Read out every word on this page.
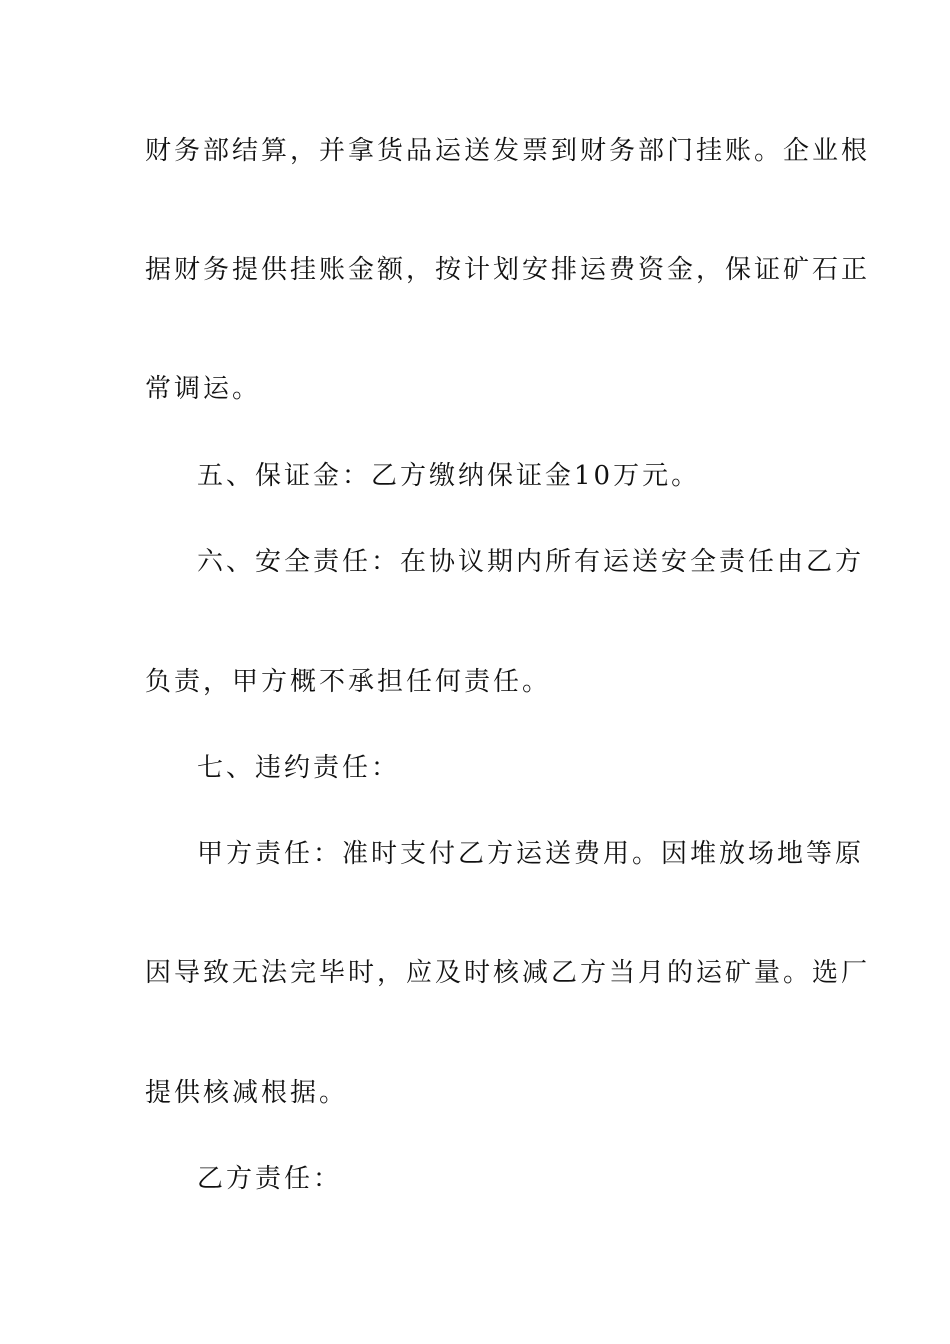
财务部结算，并拿货品运送发票到财务部门挂账。企业根
据财务提供挂账金额，按计划安排运费资金，保证矿石正
常调运。
五、保证金：乙方缴纳保证金10万元。
六、安全责任：在协议期内所有运送安全责任由乙方
负责，甲方概不承担任何责任。
七、违约责任：
甲方责任：准时支付乙方运送费用。因堆放场地等原
因导致无法完毕时，应及时核减乙方当月的运矿量。选厂
提供核减根据。
乙方责任：
